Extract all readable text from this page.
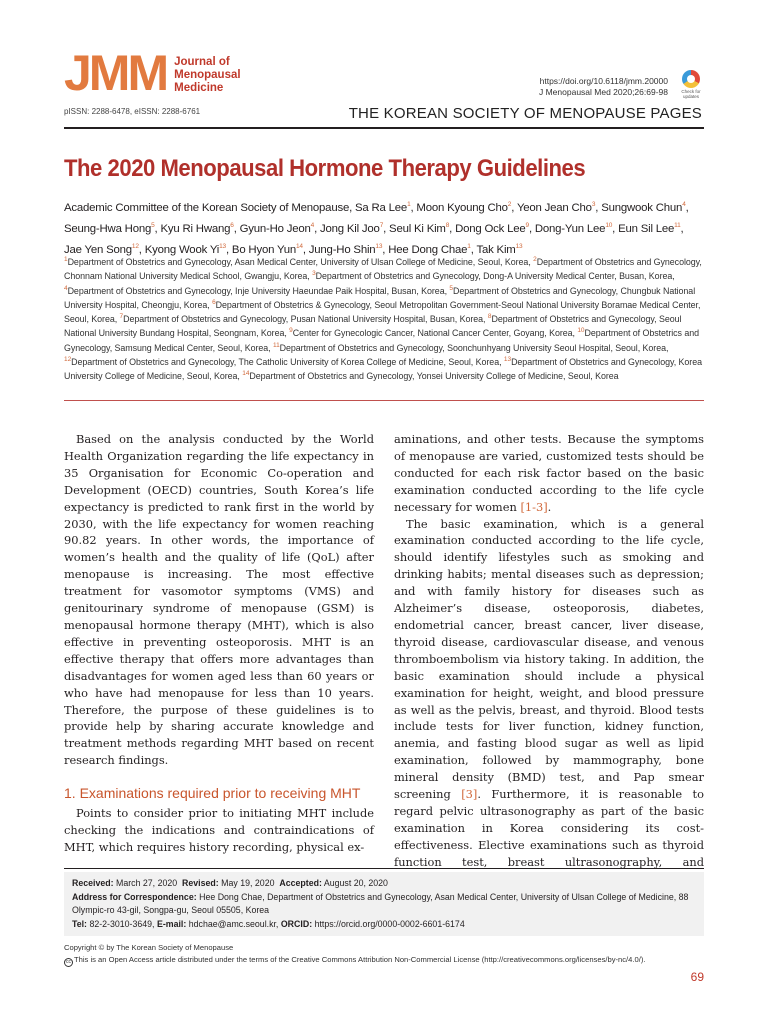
JMM Journal of
Menopausal
Medicine
pISSN: 2288-6478, eISSN: 2288-6761
https://doi.org/10.6118/jmm.20000
J Menopausal Med 2020;26:69-98	Check for updates
THE KOREAN SOCIETY OF MENOPAUSE PAGES
The 2020 Menopausal Hormone Therapy Guidelines
Academic Committee of the Korean Society of Menopause, Sa Ra Lee$^1$, Moon Kyoung Cho$^2$, Yeon Jean Cho$^3$, Sungwook Chun$^4$, Seung-Hwa Hong$^5$, Kyu Ri Hwang$^6$, Gyun-Ho Jeon$^4$, Jong Kil Joo$^7$, Seul Ki Kim$^8$, Dong Ock Lee$^9$, Dong-Yun Lee$^{10}$, Eun Sil Lee$^{11}$, Jae Yen Song$^{12}$, Kyong Wook Yi$^{13}$, Bo Hyon Yun$^{14}$, Jung-Ho Shin$^{13}$, Hee Dong Chae$^1$, Tak Kim$^{13}$
$^1$Department of Obstetrics and Gynecology, Asan Medical Center, University of Ulsan College of Medicine, Seoul, Korea, $^2$Department of Obstetrics and Gynecology, Chonnam National University Medical School, Gwangju, Korea, $^3$Department of Obstetrics and Gynecology, Dong-A University Medical Center, Busan, Korea, $^4$Department of Obstetrics and Gynecology, Inje University Haeundae Paik Hospital, Busan, Korea, $^5$Department of Obstetrics and Gynecology, Chungbuk National University Hospital, Cheongju, Korea, $^6$Department of Obstetrics & Gynecology, Seoul Metropolitan Government-Seoul National University Boramae Medical Center, Seoul, Korea, $^7$Department of Obstetrics and Gynecology, Pusan National University Hospital, Busan, Korea, $^8$Department of Obstetrics and Gynecology, Seoul National University Bundang Hospital, Seongnam, Korea, $^9$Center for Gynecologic Cancer, National Cancer Center, Goyang, Korea, $^{10}$Department of Obstetrics and Gynecology, Samsung Medical Center, Seoul, Korea, $^{11}$Department of Obstetrics and Gynecology, Soonchunhyang University Seoul Hospital, Seoul, Korea, $^{12}$Department of Obstetrics and Gynecology, The Catholic University of Korea College of Medicine, Seoul, Korea, $^{13}$Department of Obstetrics and Gynecology, Korea University College of Medicine, Seoul, Korea, $^{14}$Department of Obstetrics and Gynecology, Yonsei University College of Medicine, Seoul, Korea

Based on the analysis conducted by the World Health Organization regarding the life expectancy in 35 Organisation for Economic Co-operation and Development (OECD) countries, South Korea’s life expectancy is predicted to rank first in the world by 2030, with the life expectancy for women reaching 90.82 years. In other words, the importance of women’s health and the quality of life (QoL) after menopause is increasing. The most effective treatment for vasomotor symptoms (VMS) and genitourinary syndrome of menopause (GSM) is menopausal hormone therapy (MHT), which is also effective in preventing osteoporosis. MHT is an effective therapy that offers more advantages than disadvantages for women aged less than 60 years or who have had menopause for less than 10 years. Therefore, the purpose of these guidelines is to provide help by sharing accurate knowledge and treatment methods regarding MHT based on recent research findings.

1. Examinations required prior to receiving MHT

Points to consider prior to initiating MHT include checking the indications and contraindications of MHT, which requires history recording, physical ex-

aminations, and other tests. Because the symptoms of menopause are varied, customized tests should be conducted for each risk factor based on the basic examination conducted according to the life cycle necessary for women [1-3].

The basic examination, which is a general examination conducted according to the life cycle, should identify lifestyles such as smoking and drinking habits; mental diseases such as depression; and with family history for diseases such as Alzheimer’s disease, osteoporosis, diabetes, endometrial cancer, breast cancer, liver disease, thyroid disease, cardiovascular disease, and venous thromboembolism via history taking. In addition, the basic examination should include a physical examination for height, weight, and blood pressure as well as the pelvis, breast, and thyroid. Blood tests include tests for liver function, kidney function, anemia, and fasting blood sugar as well as lipid examination, followed by mammography, bone mineral density (BMD) test, and Pap smear screening [3]. Furthermore, it is reasonable to regard pelvic ultrasonography as part of the basic examination in Korea considering its cost-effectiveness. Elective examinations such as thyroid function test, breast ultrasonography, and

Received: March 27, 2020 Revised: May 19, 2020 Accepted: August 20, 2020
Address for Correspondence: Hee Dong Chae, Department of Obstetrics and Gynecology, Asan Medical Center, University of Ulsan College of Medicine, 88 Olympic-ro 43-gil, Songpa-gu, Seoul 05505, Korea
Tel: 82-2-3010-3649, E-mail: hdchae@amc.seoul.kr, ORCID: https://orcid.org/0000-0002-6601-6174
Copyright © by The Korean Society of Menopause
cc This is an Open Access article distributed under the terms of the Creative Commons Attribution Non-Commercial License (http://creativecommons.org/licenses/by-nc/4.0/).
69
